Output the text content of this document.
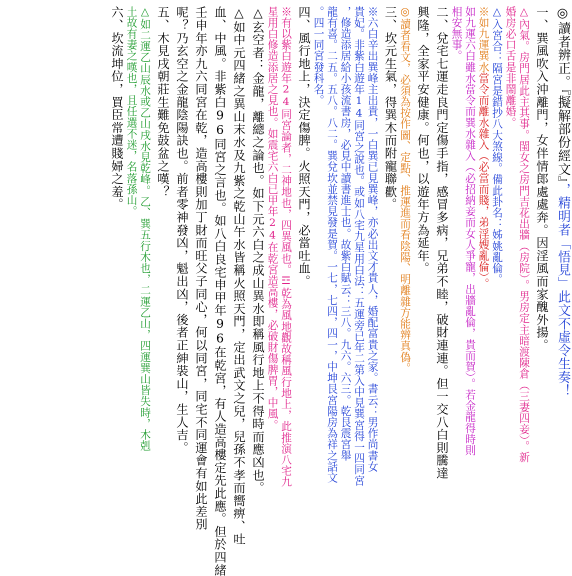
◎讀者辨正。『擬解部份經文』，精明者「悟見」此文不虛令生奏！
一、巽風吹入沖離門，女伴情郎處處奔。因淫風而家醜外揚。
△內氣。房門居此主其事。閨女之房門吉花出牆（房院）。男房定主暗渡陳倉（三妻四妾）。新
婚房必口舌是非鬧離婚。
△入宮合：隔宮是錯抄八大煞線。備此卦名：姊姚亂倫。
※如九運巽水當令而離水雜入（必當而賤，弟淫嫂亂倫）。
如九運六白雖水當令而巽水雜入（必招納妾而女人爭寵，出牆亂倫，貴而賀）。若金龍得時則
相安無事。
二、兌宅七運走良門定傷手指，感冒多病，兄弟不睦，破財連連。但一交八白則騰達
興隆，全家平安健康。何也，以遊年方為延年。
◎讀者看文，必須為按作圖、定點、推運進而看陰陽、明離雜方能辨真偽。
三、坎元生氣，得巽木而附寵聯歡。
※六白辛出巽峰主出貴，一白巽已見巽峰，亦必出文才貴人，婚配富貴之家。書云：男作尚書女
貴妃。非紫白遊年14同宮之說也。或如八宅九星用白法：五運旁已年二第入中見巽宮得一四同宮
，修造添居給小孩流書房，必見中讀書進士也。故紫白賦云：三八。九六。六三。乾艮震宮舉
龍有喜。二五。五八。八二。巽兌坎並禁見發是賀。一七，七四，四一，中坤艮宮陽房為祥之話文
。四一同宮發科名。
四、風行地上，決定傷脾。火照天門，必當吐血。
※有以紫白遊年24同宮論者，二神地也，四異風也。☲乾為風地觀故稱風行地上，此推演八宅九
星用白修造添居之見也。如震宅六白已甲年24在乾宮造高樓，必破財傷脾胃，中風。
△玄空者：金龍，離總之論也。如下元六白之成山異水即稱風行地上不得時而應凶也。
△如中元四緒之異山末水及九紫之乾山午水皆稱火照天門，定出武文之兒，兒孫不孝而嚮痹、吐
血、中風。非紫白96同宮之言也。如八白良宅申甲年96在乾宮，有人造高樓定先此應。但於四緒
壬申年亦九六同宮在乾，造高樓則加丁財而旺父子同心，何以同宮，同宅不同運會有如此差別
呢？乃玄空之金龍陰陽訣也。前者零神發凶，魁出凶，後者正紳裝山，生人吉。
五、木見戌朝莊生難免鼓盆之嘆？
△如二運乙山辰水或乙山戌水見乾峰。乙、巽五行木也，二運乙山，四運巽山皆失時，木剋
土故有妻之嘆也，且任選不迷，名落孫山。
六、坎流坤位，買臣常遭賤婦之羞。
